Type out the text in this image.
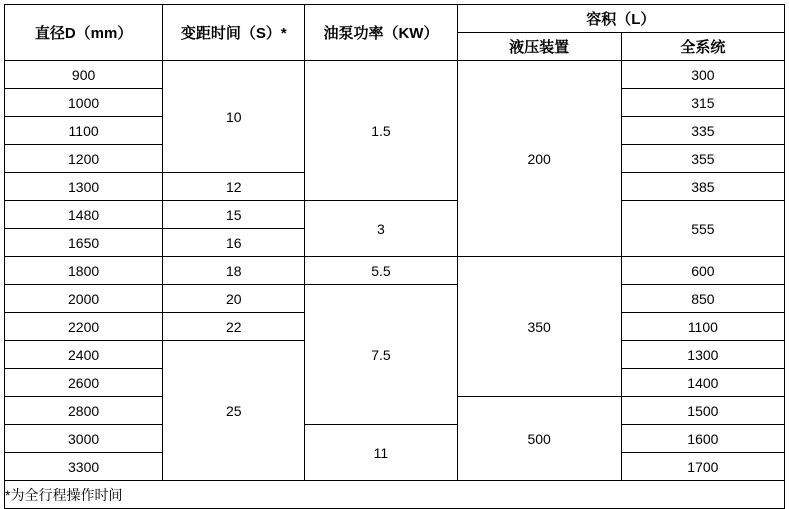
直径D（mm）	变距时间（S）*	油泵功率（KW）	容积（L）	
			液压装置	全系统
900	10	1.5	200	300
1000				315
1100				335
1200				355
1300	12			385
1480	15	3		555
1650	16			
1800	18	5.5	350	600
2000	20	7.5		850
2200	22			1100
2400	25			1300
2600				1400
2800			500	1500
3000		11		1600
3300				1700
*为全行程操作时间				
